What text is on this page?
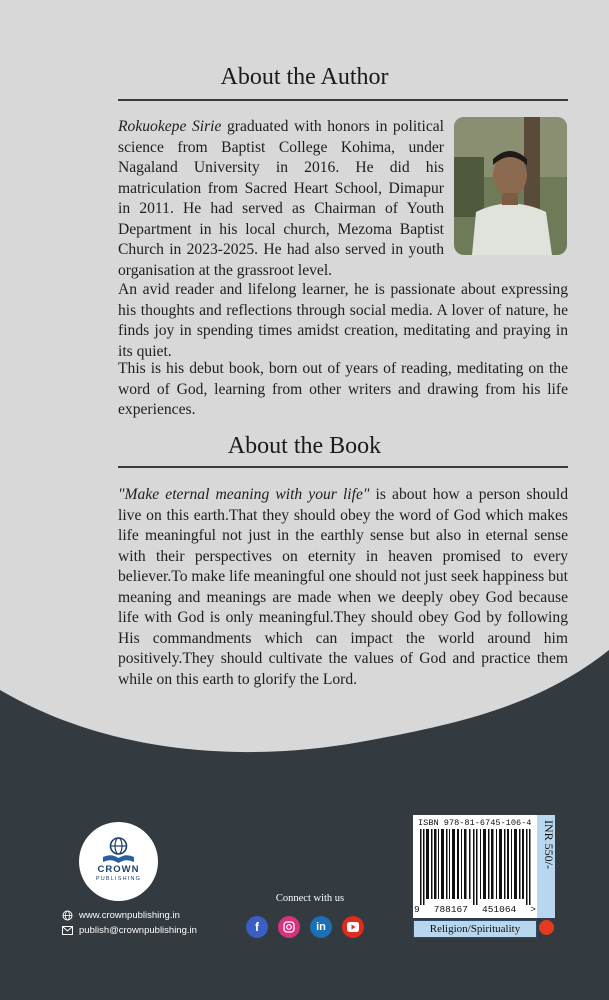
About the Author
Rokuokepe Sirie graduated with honors in political science from Baptist College Kohima, under Nagaland University in 2016. He did his matriculation from Sacred Heart School, Dimapur in 2011. He had served as Chairman of Youth Department in his local church, Mezoma Baptist Church in 2023-2025. He had also served in youth organisation at the grassroot level.
An avid reader and lifelong learner, he is passionate about expressing his thoughts and reflections through social media. A lover of nature, he finds joy in spending times amidst creation, meditating and praying in its quiet.
This is his debut book, born out of years of reading, meditating on the word of God, learning from other writers and drawing from his life experiences.
About the Book
"Make eternal meaning with your life" is about how a person should live on this earth.That they should obey the word of God which makes life meaningful not just in the earthly sense but also in eternal sense with their perspectives on eternity in heaven promised to every believer.To make life meaningful one should not just seek happiness but meaning and meanings are made when we deeply obey God because life with God is only meaningful.They should obey God by following His commandments which can impact the world around him positively.They should cultivate the values of God and practice them while on this earth to glorify the Lord.
CROWN
PUBLISHING
www.crownpublishing.in
publish@crownpublishing.in
Connect with us
f	in
ISBN 978-81-6745-106-4
9 788167 451064 >
INR 550/-
Religion/Spirituality
